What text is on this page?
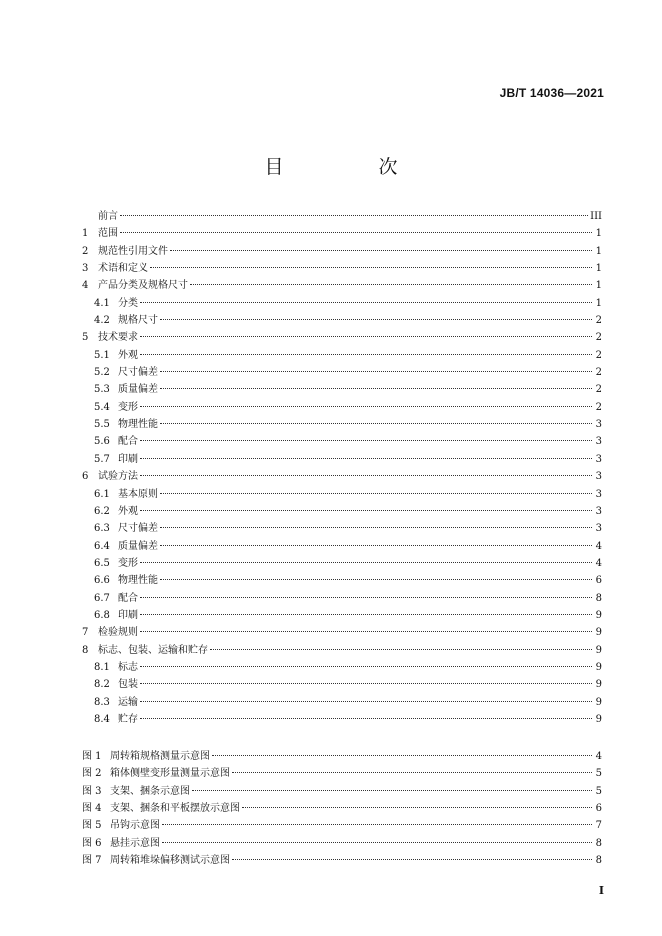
JB/T 14036—2021
目　次
前言	III
1 范围	1
2 规范性引用文件	1
3 术语和定义	1
4 产品分类及规格尺寸	1
4.1 分类	1
4.2 规格尺寸	2
5 技术要求	2
5.1 外观	2
5.2 尺寸偏差	2
5.3 质量偏差	2
5.4 变形	2
5.5 物理性能	3
5.6 配合	3
5.7 印刷	3
6 试验方法	3
6.1 基本原则	3
6.2 外观	3
6.3 尺寸偏差	3
6.4 质量偏差	4
6.5 变形	4
6.6 物理性能	6
6.7 配合	8
6.8 印刷	9
7 检验规则	9
8 标志、包装、运输和贮存	9
8.1 标志	9
8.2 包装	9
8.3 运输	9
8.4 贮存	9
图 1 周转箱规格测量示意图	4
图 2 箱体侧壁变形量测量示意图	5
图 3 支架、捆条示意图	5
图 4 支架、捆条和平板摆放示意图	6
图 5 吊钩示意图	7
图 6 悬挂示意图	8
图 7 周转箱堆垛偏移测试示意图	8
I
